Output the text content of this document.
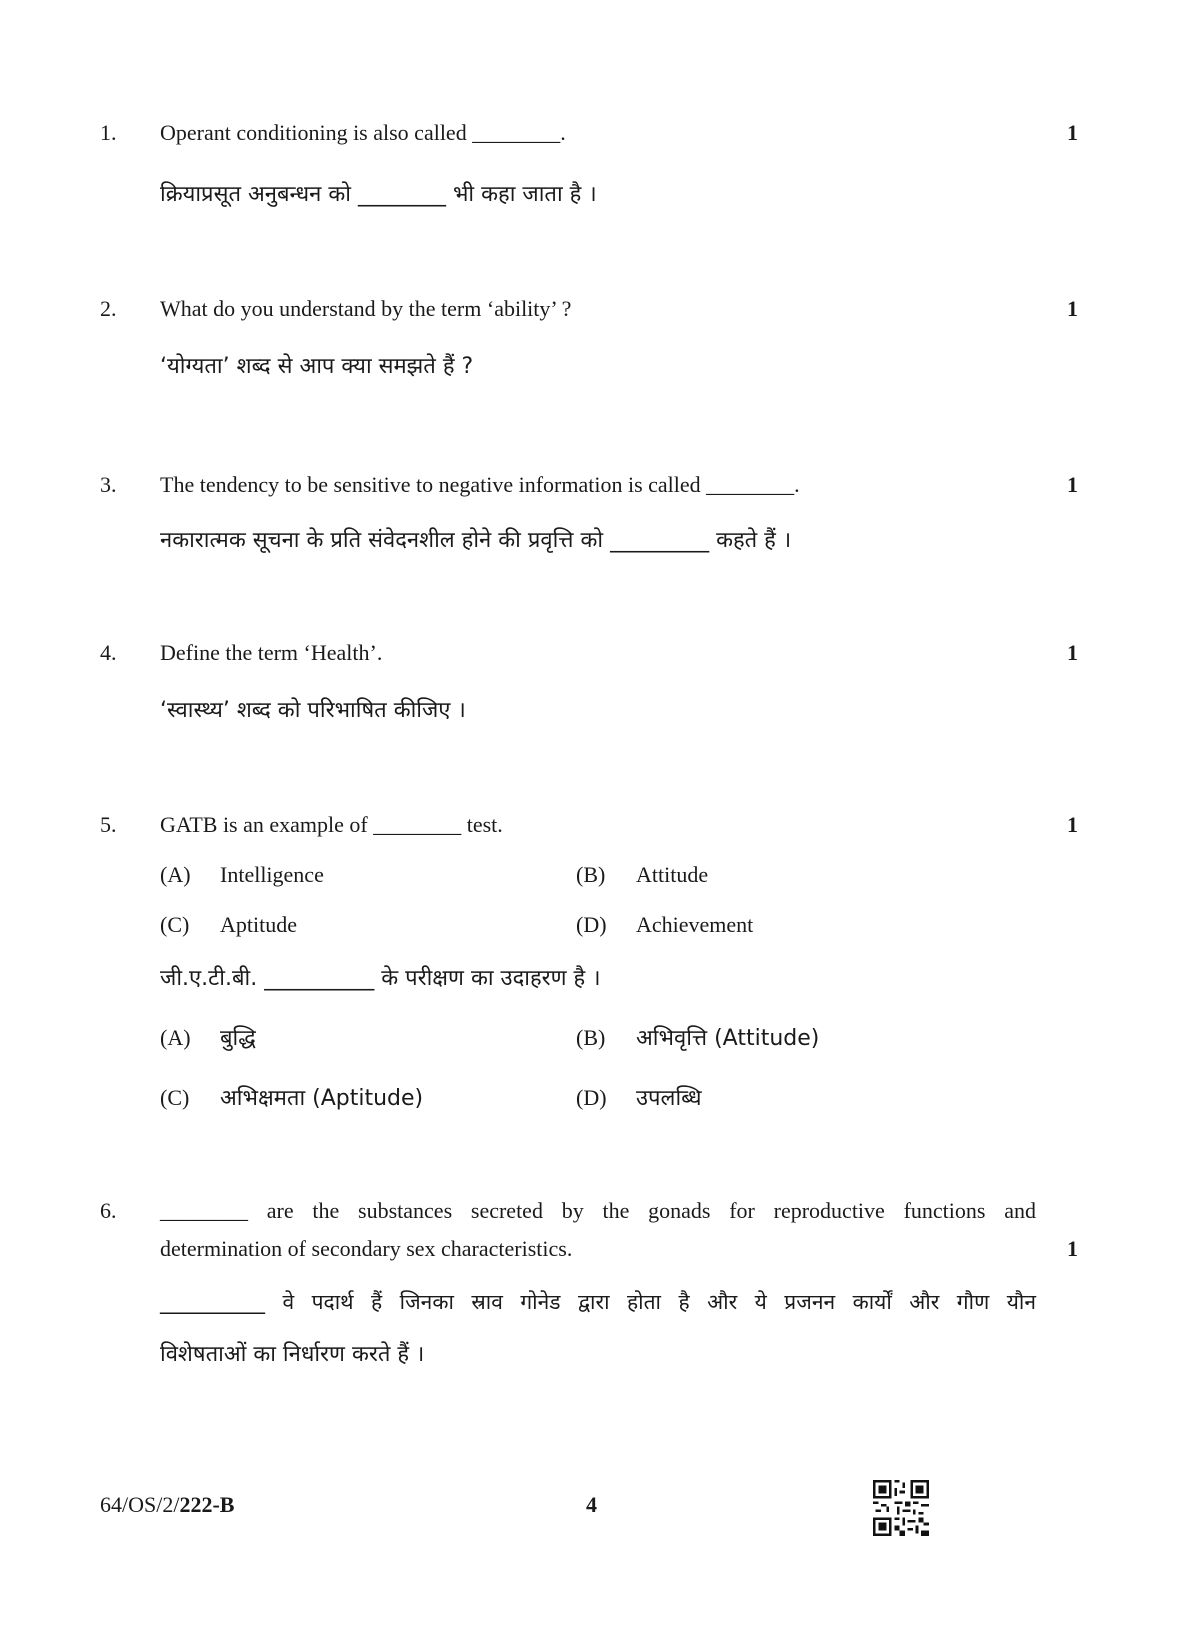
1. Operant conditioning is also called ________.	1
क्रियाप्रसूत अनुबन्धन को ________ भी कहा जाता है ।
2. What do you understand by the term ‘ability’ ?	1
‘योग्यता’ शब्द से आप क्या समझते हैं ?
3. The tendency to be sensitive to negative information is called ________.	1
नकारात्मक सूचना के प्रति संवेदनशील होने की प्रवृत्ति को _________ कहते हैं ।
4. Define the term ‘Health’.	1
‘स्वास्थ्य’ शब्द को परिभाषित कीजिए ।
5. GATB is an example of ________ test.	1
(A) Intelligence	(B) Attitude
(C) Aptitude	(D) Achievement
जी.ए.टी.बी. __________ के परीक्षण का उदाहरण है ।
(A) बुद्धि	(B) अभिवृत्ति (Attitude)
(C) अभिक्षमता (Aptitude)	(D) उपलब्धि
6. ________ are the substances secreted by the gonads for reproductive functions and
determination of secondary sex characteristics.	1
__________ वे पदार्थ हैं जिनका स्राव गोनेड द्वारा होता है और ये प्रजनन कार्यों और गौण यौन
विशेषताओं का निर्धारण करते हैं ।
64/OS/2/222-B	4
